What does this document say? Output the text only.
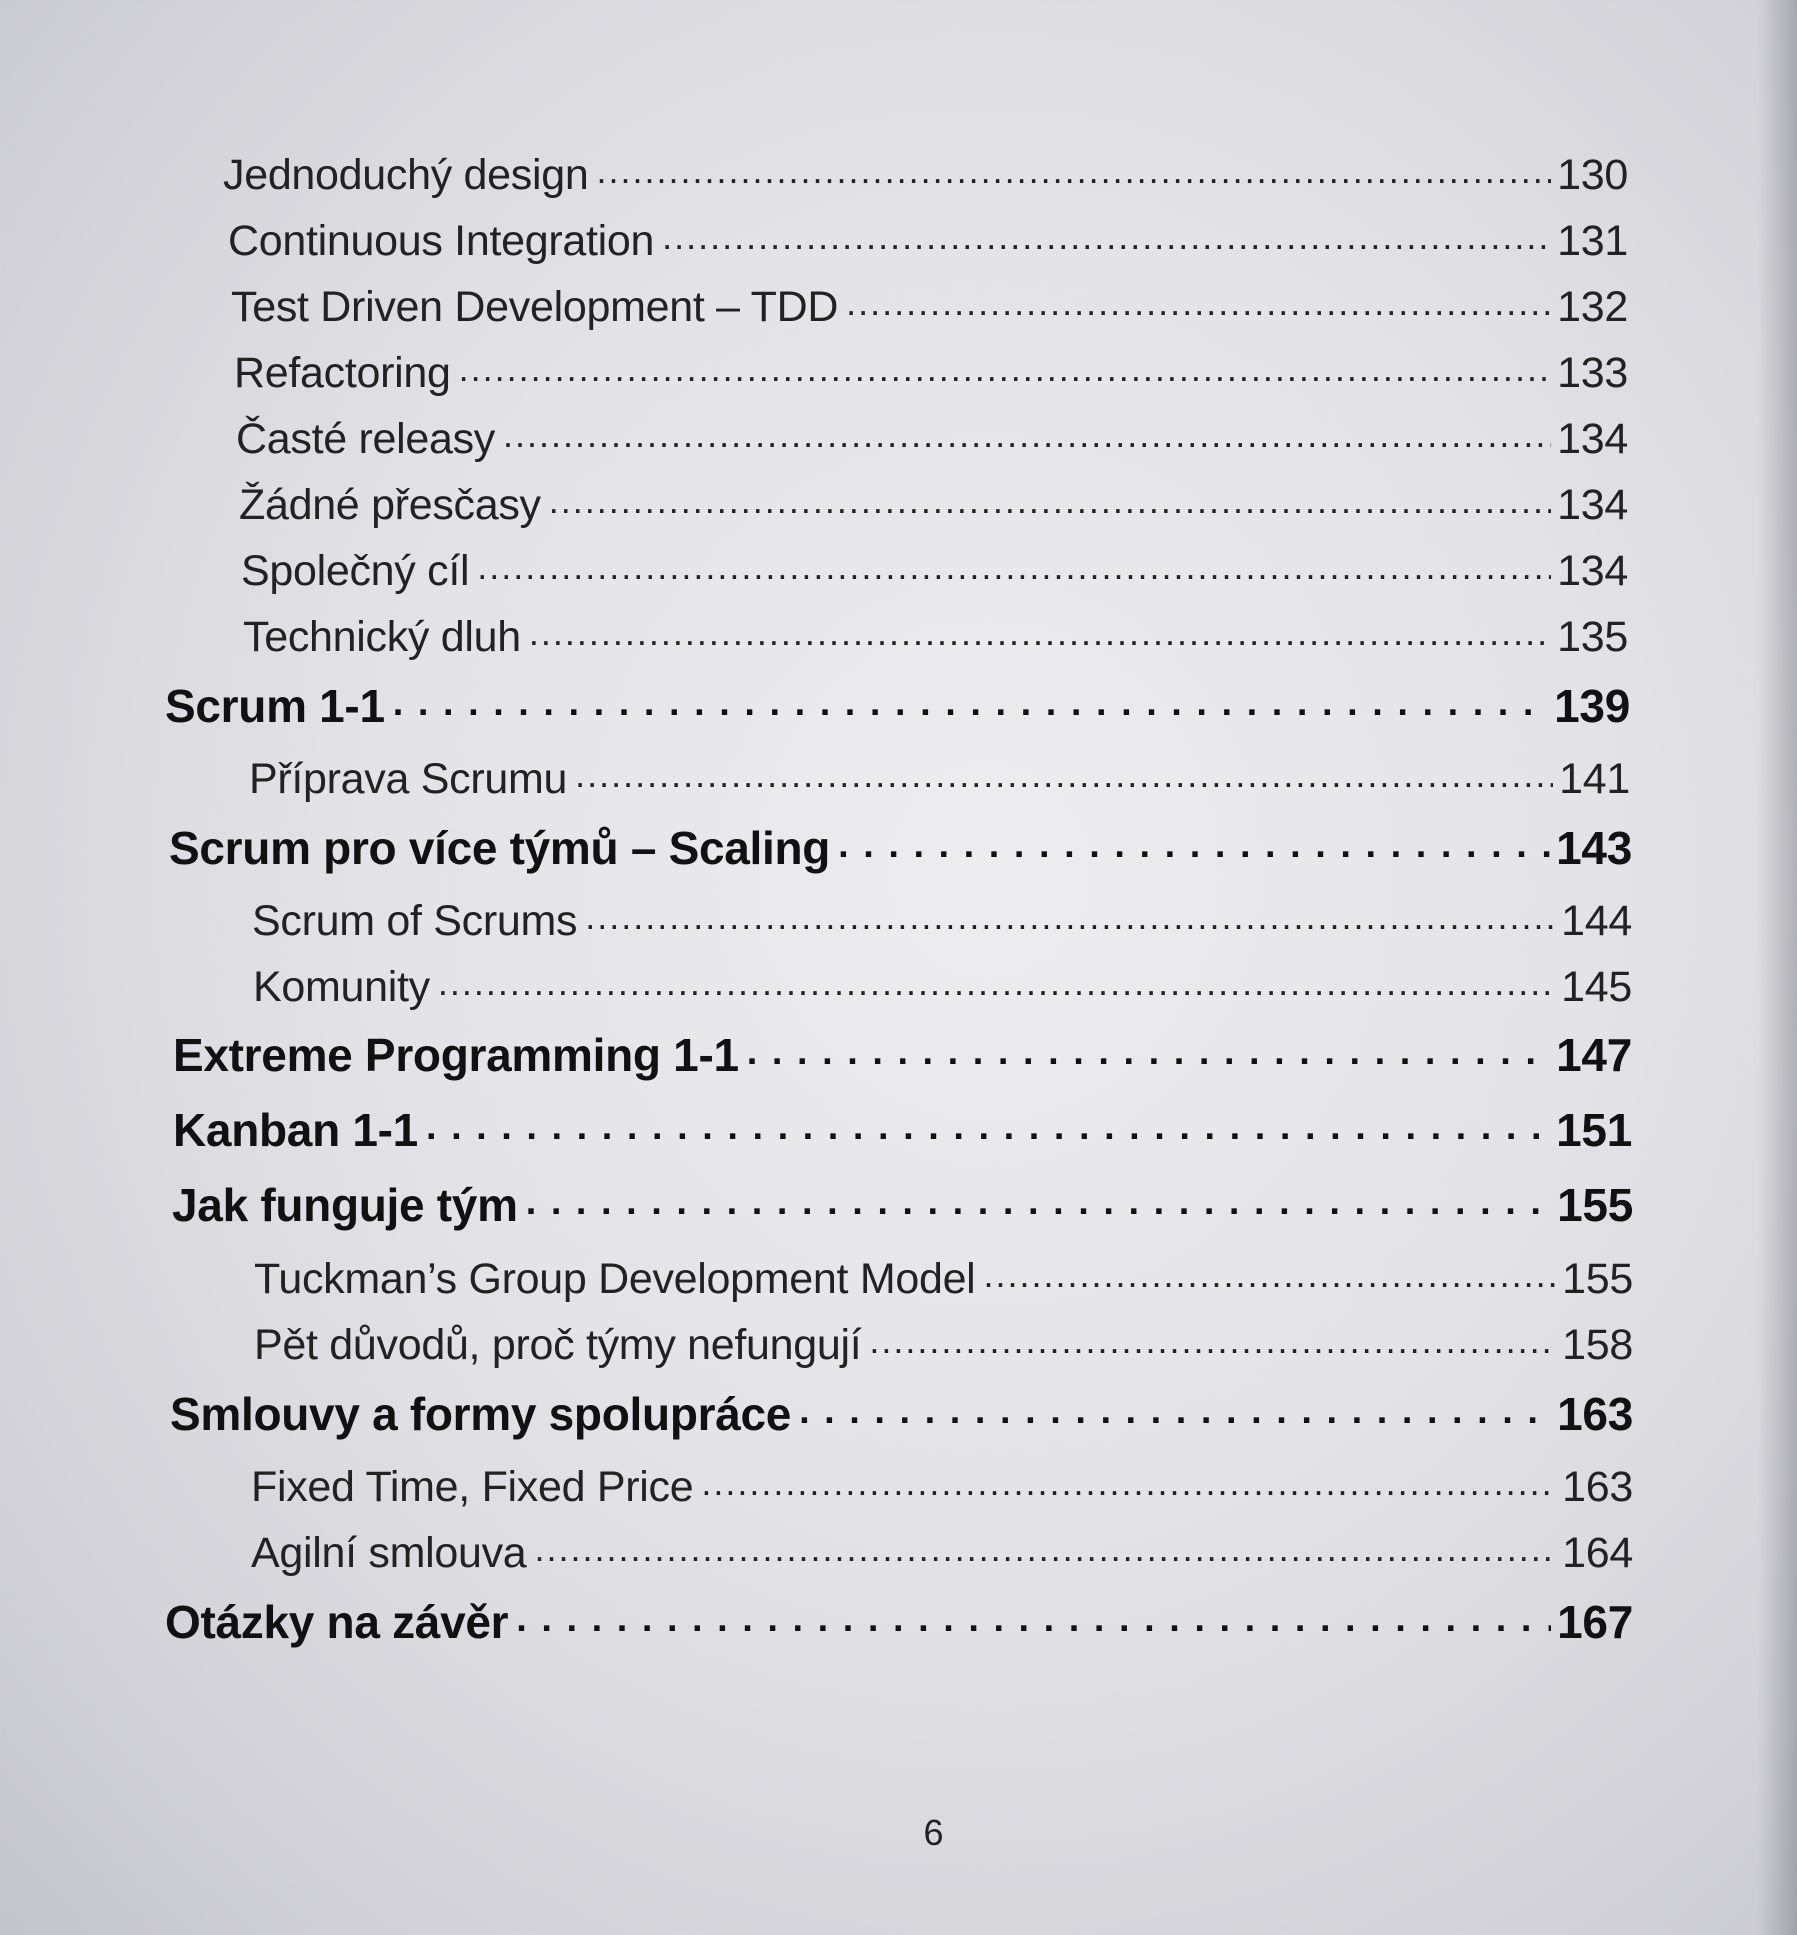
Jednoduchý design . . .	130
Continuous Integration . . .	131
Test Driven Development – TDD . . .	132
Refactoring . . .	133
Časté releasy . . .	134
Žádné přesčasy . . .	134
Společný cíl . . .	134
Technický dluh . . .	135
Scrum 1-1 . . .	139
Příprava Scrumu . . .	141
Scrum pro více týmů – Scaling . . .	143
Scrum of Scrums . . .	144
Komunity . . .	145
Extreme Programming 1-1 . . .	147
Kanban 1-1 . . .	151
Jak funguje tým . . .	155
Tuckman’s Group Development Model . . .	155
Pět důvodů, proč týmy nefungují . . .	158
Smlouvy a formy spolupráce . . .	163
Fixed Time, Fixed Price . . .	163
Agilní smlouva . . .	164
Otázky na závěr . . .	167
6
